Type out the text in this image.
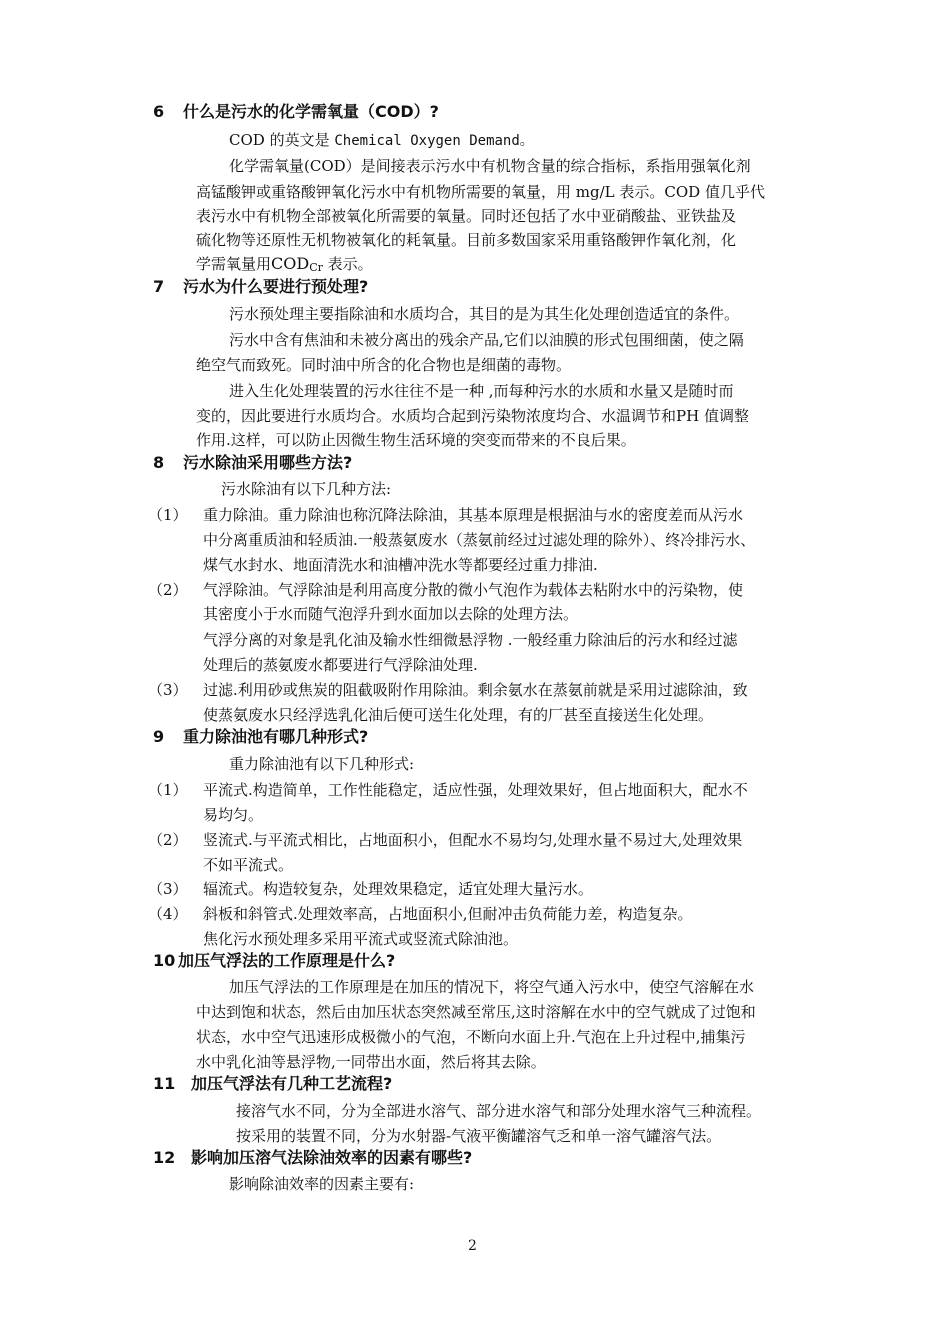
6 什么是污水的化学需氧量（COD）?
COD 的英文是 Chemical Oxygen Demand。
化学需氧量(COD）是间接表示污水中有机物含量的综合指标，系指用强氧化剂
高锰酸钾或重铬酸钾氧化污水中有机物所需要的氧量，用 mg/L 表示。COD 值几乎代
表污水中有机物全部被氧化所需要的氧量。同时还包括了水中亚硝酸盐、亚铁盐及
硫化物等还原性无机物被氧化的耗氧量。目前多数国家采用重铬酸钾作氧化剂，化
学需氧量用CODCr 表示。
7 污水为什么要进行预处理?
污水预处理主要指除油和水质均合，其目的是为其生化处理创造适宜的条件。
污水中含有焦油和未被分离出的残余产品,它们以油膜的形式包围细菌，使之隔
绝空气而致死。同时油中所含的化合物也是细菌的毒物。
进入生化处理装置的污水往往不是一种 ,而每种污水的水质和水量又是随时而
变的，因此要进行水质均合。水质均合起到污染物浓度均合、水温调节和PH 值调整
作用.这样，可以防止因微生物生活环境的突变而带来的不良后果。
8 污水除油采用哪些方法?
污水除油有以下几种方法:
（1） 重力除油。重力除油也称沉降法除油，其基本原理是根据油与水的密度差而从污水
中分离重质油和轻质油.一般蒸氨废水（蒸氨前经过过滤处理的除外）、终冷排污水、
煤气水封水、地面清洗水和油槽冲洗水等都要经过重力排油.
（2） 气浮除油。气浮除油是利用高度分散的微小气泡作为载体去粘附水中的污染物，使
其密度小于水而随气泡浮升到水面加以去除的处理方法。
气浮分离的对象是乳化油及输水性细微悬浮物 .一般经重力除油后的污水和经过滤
处理后的蒸氨废水都要进行气浮除油处理.
（3） 过滤.利用砂或焦炭的阻截吸附作用除油。剩余氨水在蒸氨前就是采用过滤除油，致
使蒸氨废水只经浮选乳化油后便可送生化处理，有的厂甚至直接送生化处理。
9 重力除油池有哪几种形式?
重力除油池有以下几种形式:
（1） 平流式.构造简单，工作性能稳定，适应性强，处理效果好，但占地面积大，配水不
易均匀。
（2） 竖流式.与平流式相比，占地面积小，但配水不易均匀,处理水量不易过大,处理效果
不如平流式。
（3） 辐流式。构造较复杂，处理效果稳定，适宜处理大量污水。
（4） 斜板和斜管式.处理效率高，占地面积小,但耐冲击负荷能力差，构造复杂。
焦化污水预处理多采用平流式或竖流式除油池。
10 加压气浮法的工作原理是什么?
加压气浮法的工作原理是在加压的情况下，将空气通入污水中，使空气溶解在水
中达到饱和状态，然后由加压状态突然减至常压,这时溶解在水中的空气就成了过饱和
状态，水中空气迅速形成极微小的气泡，不断向水面上升.气泡在上升过程中,捕集污
水中乳化油等悬浮物,一同带出水面，然后将其去除。
11 加压气浮法有几种工艺流程?
接溶气水不同，分为全部进水溶气、部分进水溶气和部分处理水溶气三种流程。
按采用的装置不同，分为水射器-气液平衡罐溶气乏和单一溶气罐溶气法。
12 影响加压溶气法除油效率的因素有哪些?
影响除油效率的因素主要有:
2
